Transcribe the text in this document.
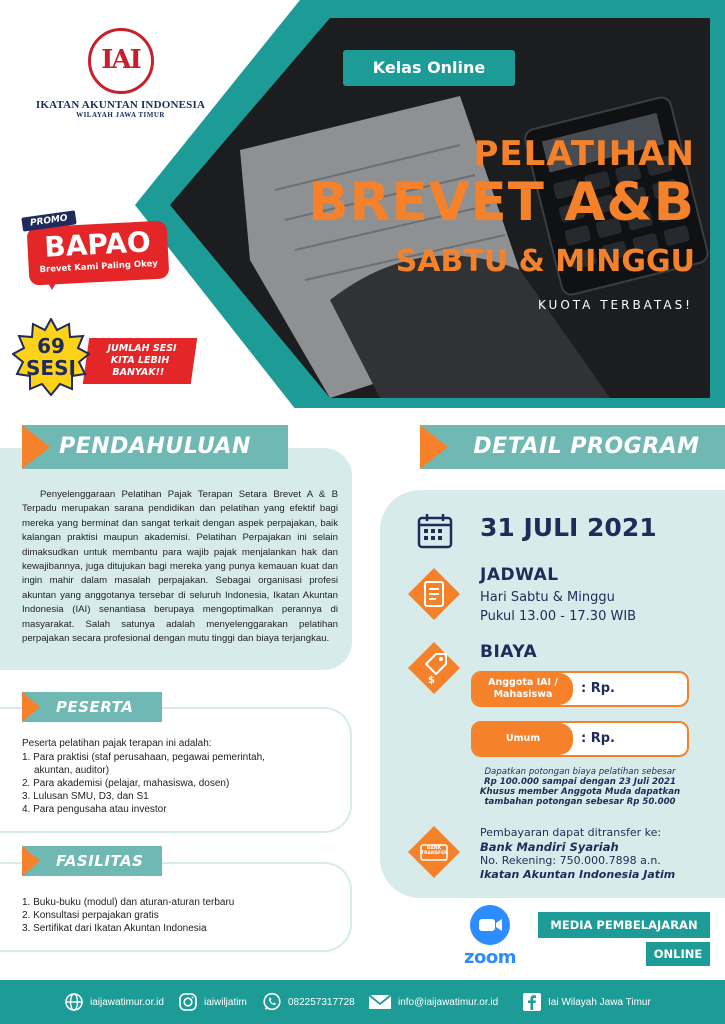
IAI
IKATAN AKUNTAN INDONESIA
WILAYAH JAWA TIMUR
Kelas Online
PELATIHAN
BREVET A&B
SABTU & MINGGU
KUOTA TERBATAS!
PROMO
BAPAO
Brevet Kami Paling Okey
JUMLAH SESI
KITA LEBIH
BANYAK!!
69
SESI
PENDAHULUAN
Penyelenggaraan Pelatihan Pajak Terapan Setara Brevet A & B Terpadu merupakan sarana pendidikan dan pelatihan yang efektif bagi mereka yang berminat dan sangat terkait dengan aspek perpajakan, baik kalangan praktisi maupun akademisi. Pelatihan Perpajakan ini selain dimaksudkan untuk membantu para wajib pajak menjalankan hak dan kewajibannya, juga ditujukan bagi mereka yang punya kemauan kuat dan ingin mahir dalam masalah perpajakan. Sebagai organisasi profesi akuntan yang anggotanya tersebar di seluruh Indonesia, Ikatan Akuntan Indonesia (IAI) senantiasa berupaya mengoptimalkan perannya di masyarakat. Salah satunya adalah menyelenggarakan pelatihan perpajakan secara profesional dengan mutu tinggi dan biaya terjangkau.
PESERTA
Peserta pelatihan pajak terapan ini adalah:
1. Para praktisi (staf perusahaan, pegawai pemerintah,
akuntan, auditor)
2. Para akademisi (pelajar, mahasiswa, dosen)
3. Lulusan SMU, D3, dan S1
4. Para pengusaha atau investor
FASILITAS
1. Buku-buku (modul) dan aturan-aturan terbaru
2. Konsultasi perpajakan gratis
3. Sertifikat dari Ikatan Akuntan Indonesia
DETAIL PROGRAM
31 JULI 2021
JADWAL
Hari Sabtu & Minggu
Pukul 13.00 - 17.30 WIB
$
BIAYA
Anggota IAI / Mahasiswa	: Rp.
Umum	: Rp.
Dapatkan potongan biaya pelatihan sebesar
Rp 100.000 sampai dengan 23 Juli 2021
Khusus member Anggota Muda dapatkan
tambahan potongan sebesar Rp 50.000
BANK TRANSFER
Pembayaran dapat ditransfer ke:
Bank Mandiri Syariah
No. Rekening: 750.000.7898 a.n.
Ikatan Akuntan Indonesia Jatim
zoom
MEDIA PEMBELAJARAN
ONLINE
iaijawatimur.or.id	iaiwiljatim	082257317728	info@iaijawatimur.or.id	Iai Wilayah Jawa Timur
